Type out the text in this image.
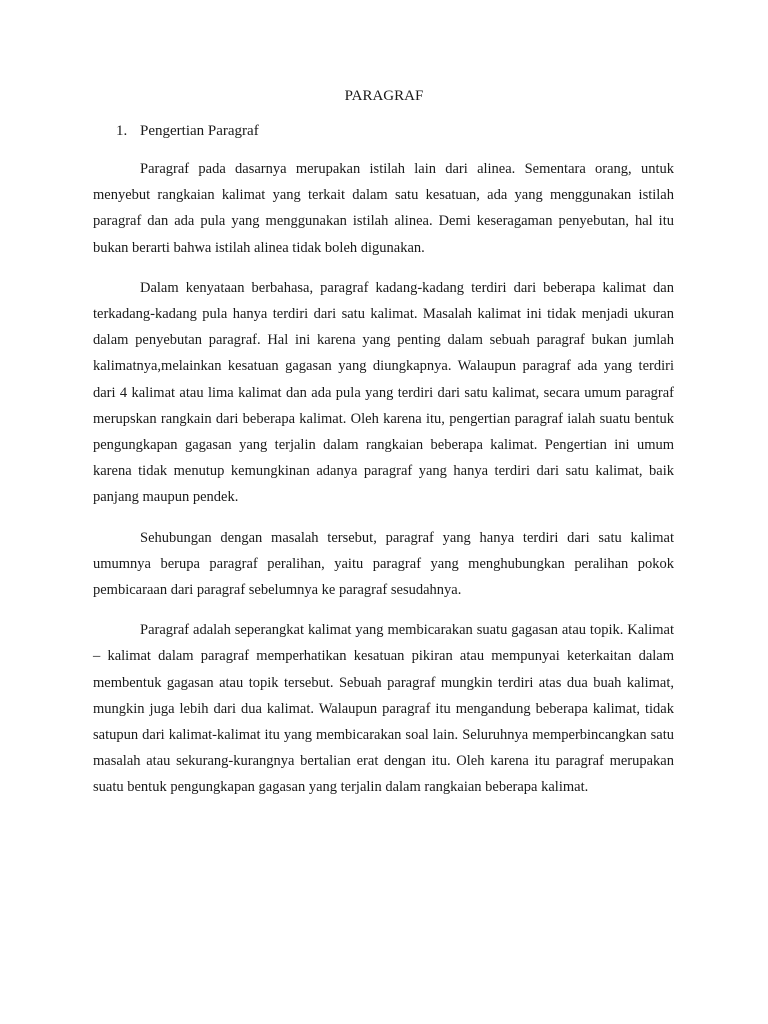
PARAGRAF
1. Pengertian Paragraf

Paragraf pada dasarnya merupakan istilah lain dari alinea. Sementara orang, untuk menyebut rangkaian kalimat yang terkait dalam satu kesatuan, ada yang menggunakan istilah paragraf dan ada pula yang menggunakan istilah alinea. Demi keseragaman penyebutan, hal itu bukan berarti bahwa istilah alinea tidak boleh digunakan.

Dalam kenyataan berbahasa, paragraf kadang-kadang terdiri dari beberapa kalimat dan terkadang-kadang pula hanya terdiri dari satu kalimat. Masalah kalimat ini tidak menjadi ukuran dalam penyebutan paragraf. Hal ini karena yang penting dalam sebuah paragraf bukan jumlah kalimatnya,melainkan kesatuan gagasan yang diungkapnya. Walaupun paragraf ada yang terdiri dari 4 kalimat atau lima kalimat dan ada pula yang terdiri dari satu kalimat, secara umum paragraf merupskan rangkain dari beberapa kalimat. Oleh karena itu, pengertian paragraf ialah suatu bentuk pengungkapan gagasan yang terjalin dalam rangkaian beberapa kalimat. Pengertian ini umum karena tidak menutup kemungkinan adanya paragraf yang hanya terdiri dari satu kalimat, baik panjang maupun pendek.

Sehubungan dengan masalah tersebut, paragraf yang hanya terdiri dari satu kalimat umumnya berupa paragraf peralihan, yaitu paragraf yang menghubungkan peralihan pokok pembicaraan dari paragraf sebelumnya ke paragraf sesudahnya.

Paragraf adalah seperangkat kalimat yang membicarakan suatu gagasan atau topik. Kalimat – kalimat dalam paragraf memperhatikan kesatuan pikiran atau mempunyai keterkaitan dalam membentuk gagasan atau topik tersebut. Sebuah paragraf mungkin terdiri atas dua buah kalimat, mungkin juga lebih dari dua kalimat. Walaupun paragraf itu mengandung beberapa kalimat, tidak satupun dari kalimat-kalimat itu yang membicarakan soal lain. Seluruhnya memperbincangkan satu masalah atau sekurang-kurangnya bertalian erat dengan itu. Oleh karena itu paragraf merupakan suatu bentuk pengungkapan gagasan yang terjalin dalam rangkaian beberapa kalimat.
